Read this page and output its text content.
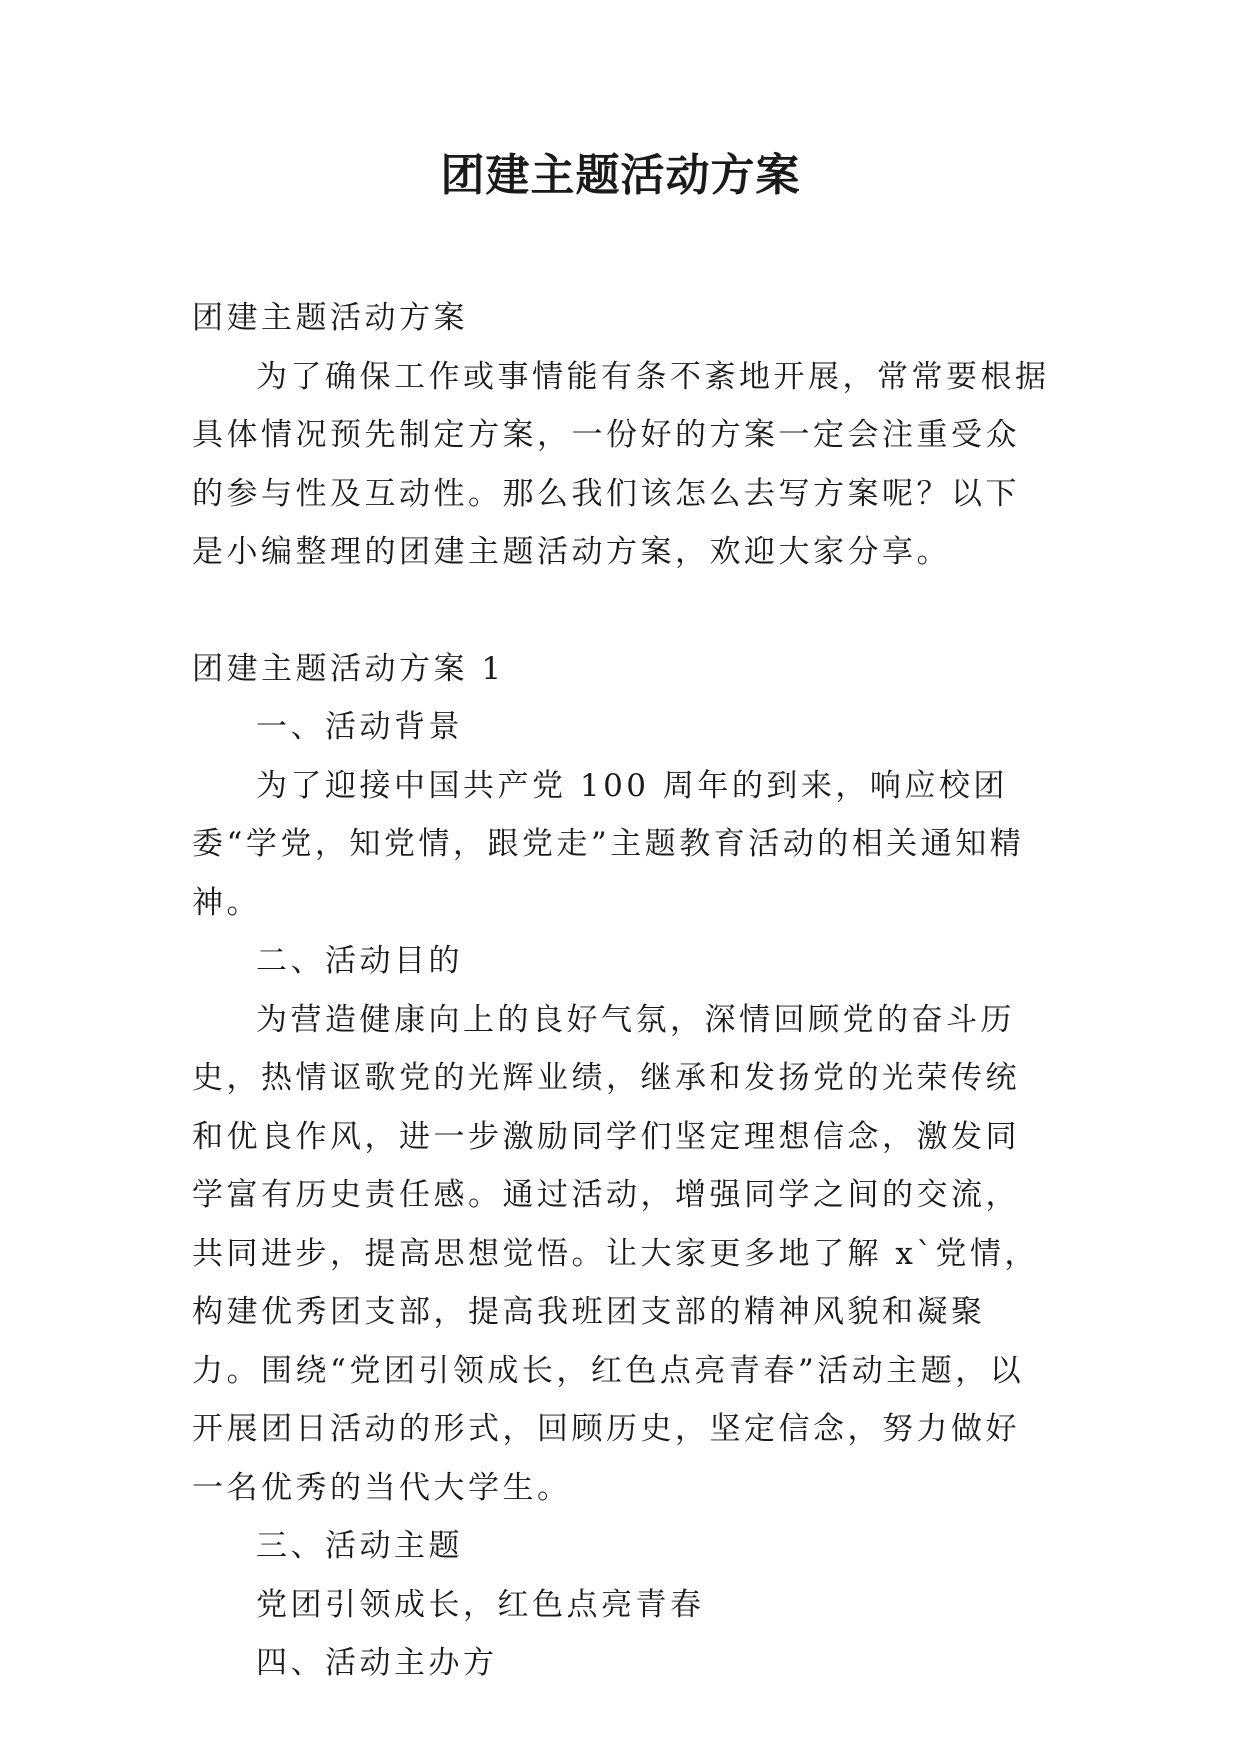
团建主题活动方案

团建主题活动方案

为了确保工作或事情能有条不紊地开展，常常要根据具体情况预先制定方案，一份好的方案一定会注重受众的参与性及互动性。那么我们该怎么去写方案呢？以下是小编整理的团建主题活动方案，欢迎大家分享。

团建主题活动方案 1

一、活动背景

为了迎接中国共产党 100 周年的到来，响应校团委“学党，知党情，跟党走”主题教育活动的相关通知精神。

二、活动目的

为营造健康向上的良好气氛，深情回顾党的奋斗历史，热情讴歌党的光辉业绩，继承和发扬党的光荣传统和优良作风，进一步激励同学们坚定理想信念，激发同学富有历史责任感。通过活动，增强同学之间的交流，共同进步，提高思想觉悟。让大家更多地了解 x`党情，构建优秀团支部，提高我班团支部的精神风貌和凝聚力。围绕“党团引领成长，红色点亮青春”活动主题，以开展团日活动的形式，回顾历史，坚定信念，努力做好一名优秀的当代大学生。

三、活动主题

党团引领成长，红色点亮青春

四、活动主办方
